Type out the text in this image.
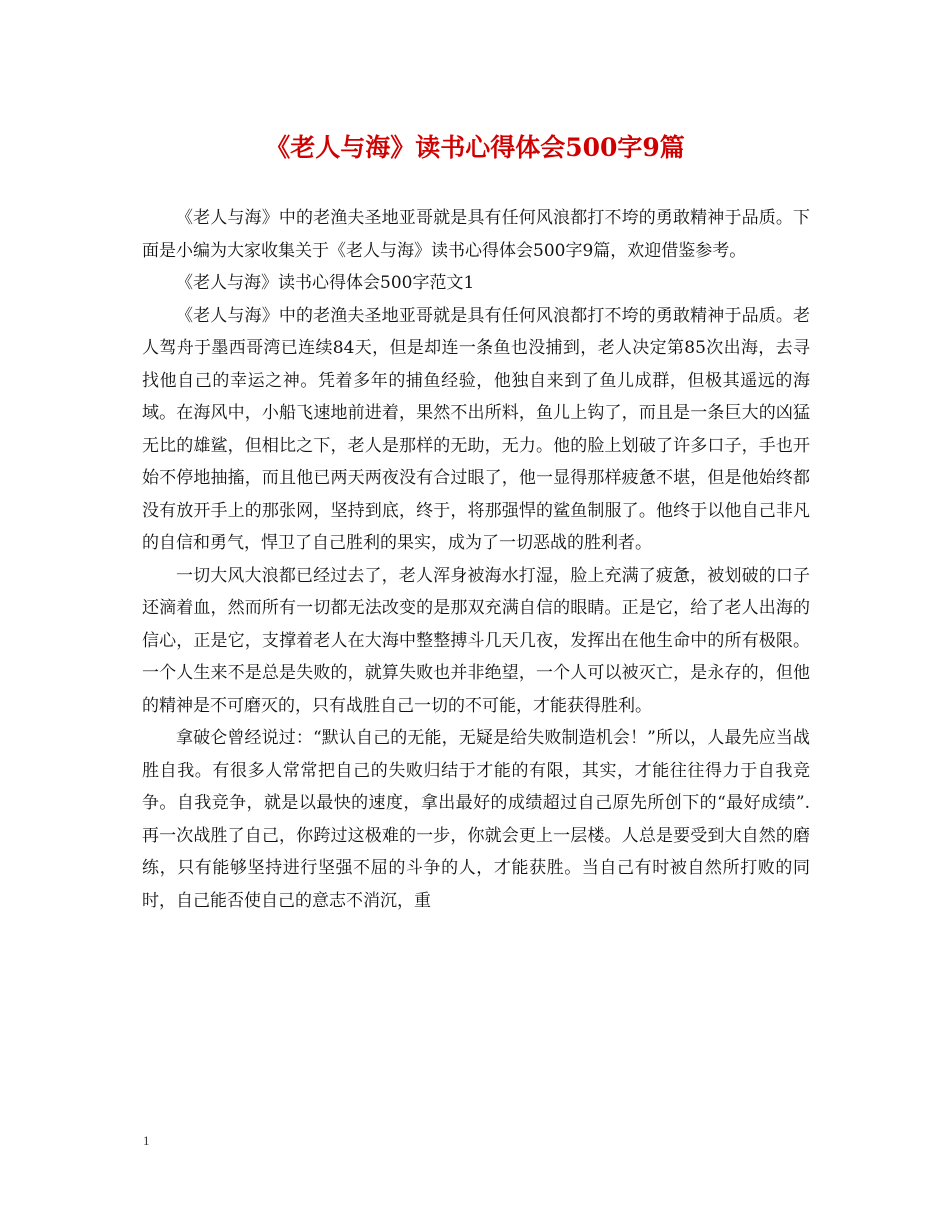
《老人与海》读书心得体会500字9篇

《老人与海》中的老渔夫圣地亚哥就是具有任何风浪都打不垮的勇敢精神于品质。下面是小编为大家收集关于《老人与海》读书心得体会500字9篇，欢迎借鉴参考。

《老人与海》读书心得体会500字范文1

《老人与海》中的老渔夫圣地亚哥就是具有任何风浪都打不垮的勇敢精神于品质。老人驾舟于墨西哥湾已连续84天，但是却连一条鱼也没捕到，老人决定第85次出海，去寻找他自己的幸运之神。凭着多年的捕鱼经验，他独自来到了鱼儿成群，但极其遥远的海域。在海风中，小船飞速地前进着，果然不出所料，鱼儿上钩了，而且是一条巨大的凶猛无比的雄鲨，但相比之下，老人是那样的无助，无力。他的脸上划破了许多口子，手也开始不停地抽搐，而且他已两天两夜没有合过眼了，他一显得那样疲惫不堪，但是他始终都没有放开手上的那张网，坚持到底，终于，将那强悍的鲨鱼制服了。他终于以他自己非凡的自信和勇气，悍卫了自己胜利的果实，成为了一切恶战的胜利者。

一切大风大浪都已经过去了，老人浑身被海水打湿，脸上充满了疲惫，被划破的口子还滴着血，然而所有一切都无法改变的是那双充满自信的眼睛。正是它，给了老人出海的信心，正是它，支撑着老人在大海中整整搏斗几天几夜，发挥出在他生命中的所有极限。一个人生来不是总是失败的，就算失败也并非绝望，一个人可以被灭亡，是永存的，但他的精神是不可磨灭的，只有战胜自己一切的不可能，才能获得胜利。

拿破仑曾经说过：“默认自己的无能，无疑是给失败制造机会！”所以，人最先应当战胜自我。有很多人常常把自己的失败归结于才能的有限，其实，才能往往得力于自我竞争。自我竞争，就是以最快的速度，拿出最好的成绩超过自己原先所创下的“最好成绩”.再一次战胜了自己，你跨过这极难的一步，你就会更上一层楼。人总是要受到大自然的磨练，只有能够坚持进行坚强不屈的斗争的人，才能获胜。当自己有时被自然所打败的同时，自己能否使自己的意志不消沉，重

1
